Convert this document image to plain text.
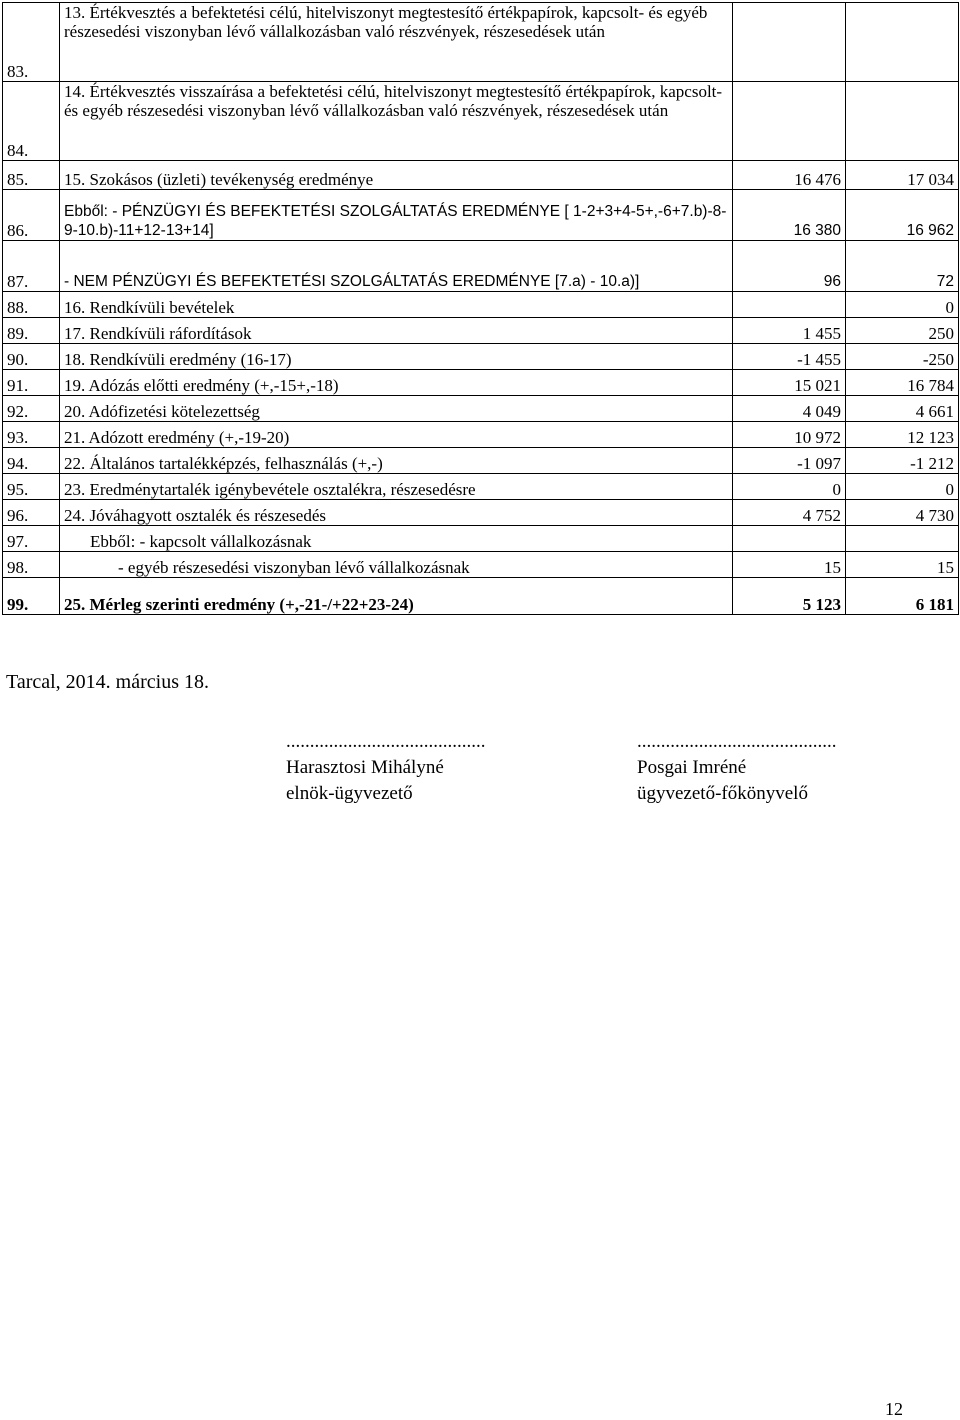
83.	13. Értékvesztés a befektetési célú, hitelviszonyt megtestesítő értékpapírok, kapcsolt- és egyéb részesedési viszonyban lévő vállalkozásban való részvények, részesedések után		
84.	14. Értékvesztés visszaírása a befektetési célú, hitelviszonyt megtestesítő értékpapírok, kapcsolt- és egyéb részesedési viszonyban lévő vállalkozásban való részvények, részesedések után		
85.	15. Szokásos (üzleti) tevékenység eredménye	16 476	17 034
86.	Ebből: - PÉNZÜGYI ÉS BEFEKTETÉSI SZOLGÁLTATÁS EREDMÉNYE [ 1-2+3+4-5+,-6+7.b)-8-9-10.b)-11+12-13+14]	16 380	16 962
87.	- NEM PÉNZÜGYI ÉS BEFEKTETÉSI SZOLGÁLTATÁS EREDMÉNYE [7.a) - 10.a)]	96	72
88.	16. Rendkívüli bevételek		0
89.	17. Rendkívüli ráfordítások	1 455	250
90.	18. Rendkívüli eredmény (16-17)	-1 455	-250
91.	19. Adózás előtti eredmény (+,-15+,-18)	15 021	16 784
92.	20. Adófizetési kötelezettség	4 049	4 661
93.	21. Adózott eredmény (+,-19-20)	10 972	12 123
94.	22. Általános tartalékképzés, felhasználás (+,-)	-1 097	-1 212
95.	23. Eredménytartalék igénybevétele osztalékra, részesedésre	0	0
96.	24. Jóváhagyott osztalék és részesedés	4 752	4 730
97.	Ebből: - kapcsolt vállalkozásnak		
98.	- egyéb részesedési viszonyban lévő vállalkozásnak	15	15
99.	25. Mérleg szerinti eredmény (+,-21-/+22+23-24)	5 123	6 181
Tarcal, 2014. március 18.
..........................................
Harasztosi Mihályné
elnök-ügyvezető
..........................................
Posgai Imréné
ügyvezető-főkönyvelő
12
